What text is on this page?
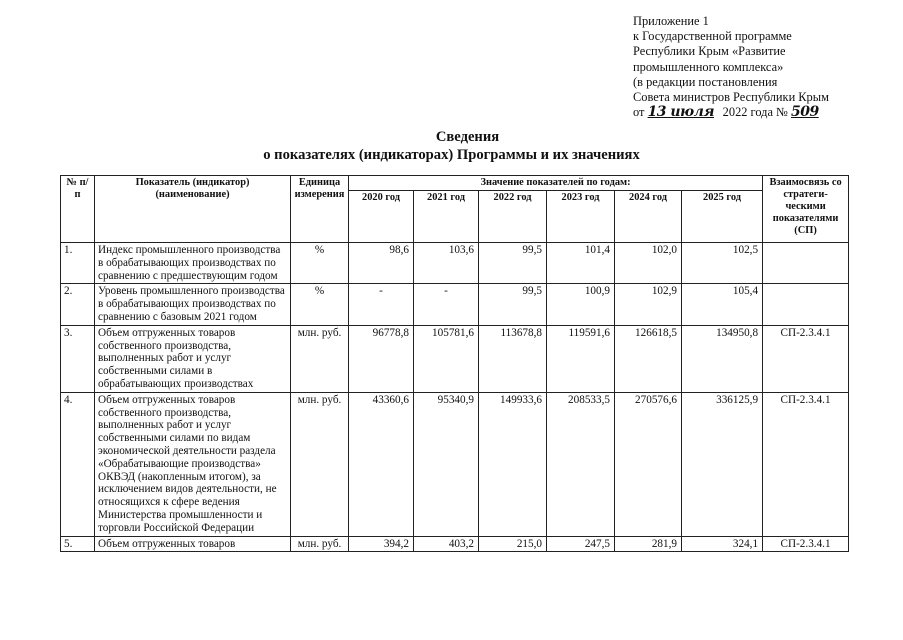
Приложение 1
к Государственной программе
Республики Крым «Развитие
промышленного комплекса»
(в редакции постановления
Совета министров Республики Крым
от 13 июля 2022 года № 509
Сведения
о показателях (индикаторах) Программы и их значениях
№ п/п	Показатель (индикатор) (наименование)	Единица измерения	Значение показателей по годам:						Взаимосвязь со стратеги-ческими показателями (СП)
			2020 год	2021 год	2022 год	2023 год	2024 год	2025 год	
1.	Индекс промышленного производства в обрабатывающих производствах по сравнению с предшествующим годом	%	98,6	103,6	99,5	101,4	102,0	102,5	
2.	Уровень промышленного производства в обрабатывающих производствах по сравнению с базовым 2021 годом	%	-	-	99,5	100,9	102,9	105,4	
3.	Объем отгруженных товаров собственного производства, выполненных работ и услуг собственными силами в обрабатывающих производствах	млн. руб.	96778,8	105781,6	113678,8	119591,6	126618,5	134950,8	СП-2.3.4.1
4.	Объем отгруженных товаров собственного производства, выполненных работ и услуг собственными силами по видам экономической деятельности раздела «Обрабатывающие производства» ОКВЭД (накопленным итогом), за исключением видов деятельности, не относящихся к сфере ведения Министерства промышленности и торговли Российской Федерации	млн. руб.	43360,6	95340,9	149933,6	208533,5	270576,6	336125,9	СП-2.3.4.1
5.	Объем отгруженных товаров	млн. руб.	394,2	403,2	215,0	247,5	281,9	324,1	СП-2.3.4.1
